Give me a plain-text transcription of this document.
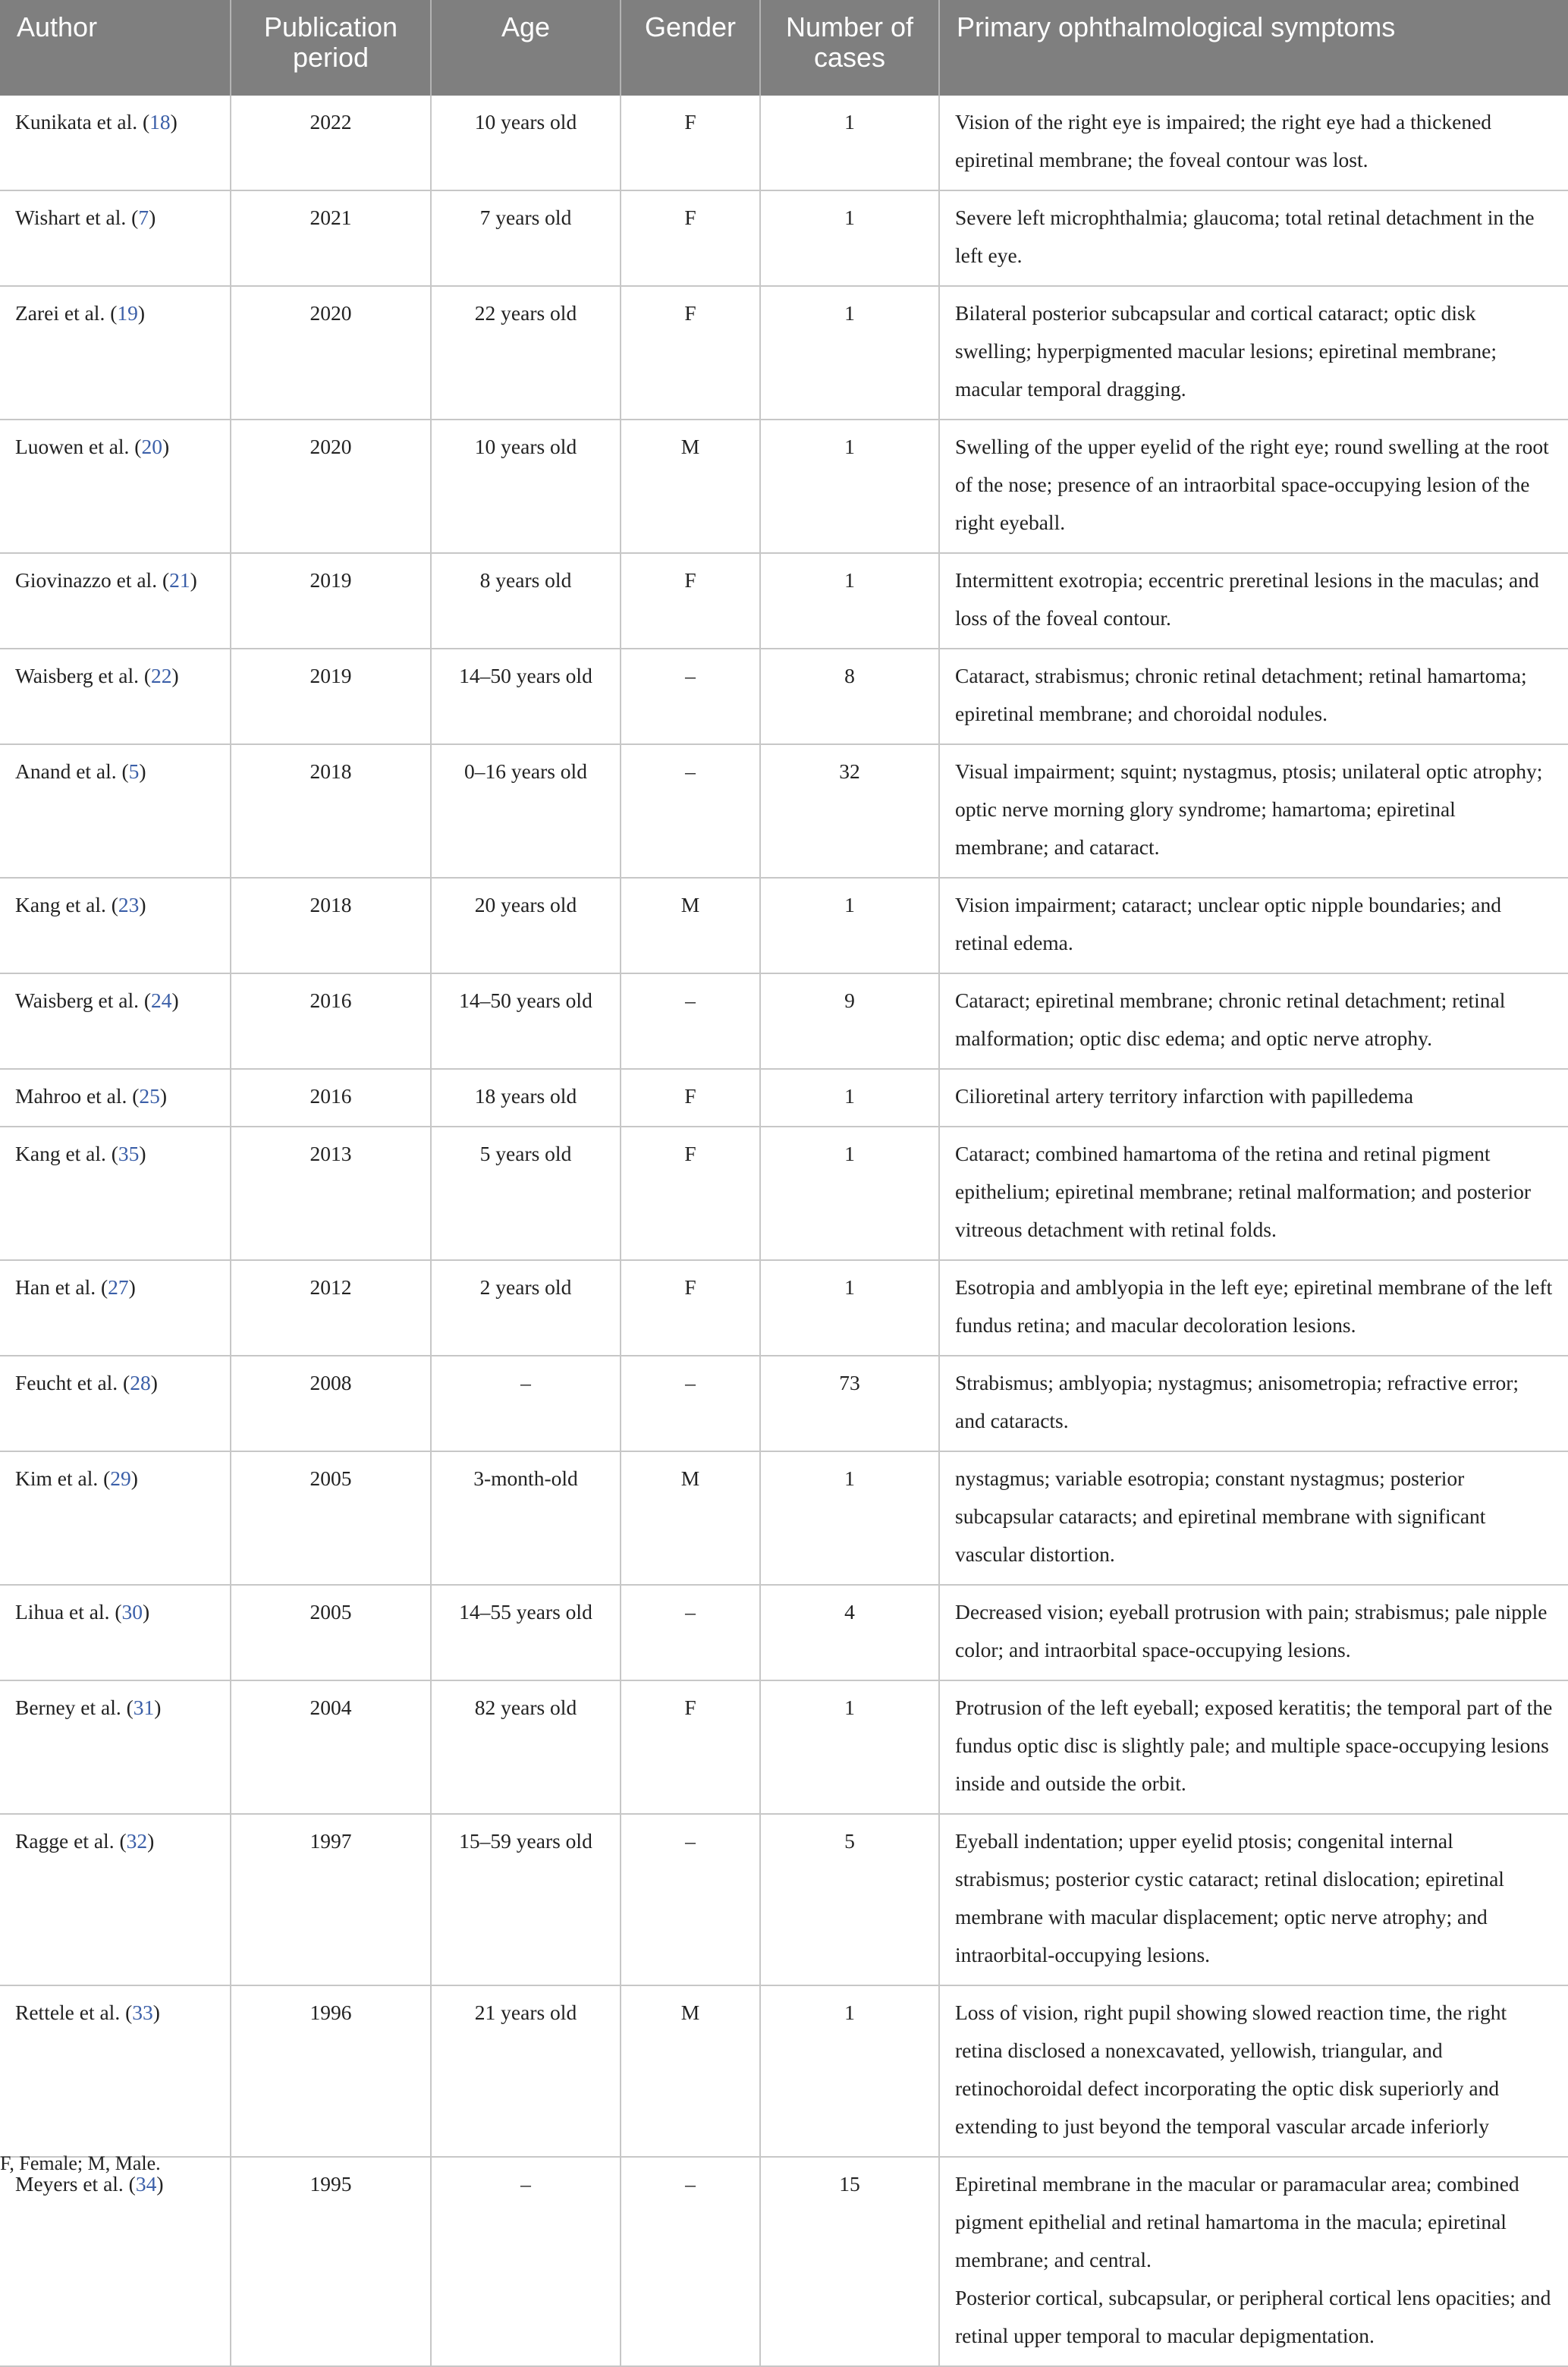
Author	Publication period	Age	Gender	Number of cases	Primary ophthalmological symptoms
Kunikata et al. (18)	2022	10 years old	F	1	Vision of the right eye is impaired; the right eye had a thickened epiretinal membrane; the foveal contour was lost.

Wishart et al. (7)	2021	7 years old	F	1	Severe left microphthalmia; glaucoma; total retinal detachment in the left eye.

Zarei et al. (19)	2020	22 years old	F	1	Bilateral posterior subcapsular and cortical cataract; optic disk swelling; hyperpigmented macular lesions; epiretinal membrane; macular temporal dragging.

Luowen et al. (20)	2020	10 years old	M	1	Swelling of the upper eyelid of the right eye; round swelling at the root of the nose; presence of an intraorbital space-occupying lesion of the right eyeball.

Giovinazzo et al. (21)	2019	8 years old	F	1	Intermittent exotropia; eccentric preretinal lesions in the maculas; and loss of the foveal contour.

Waisberg et al. (22)	2019	14–50 years old	–	8	Cataract, strabismus; chronic retinal detachment; retinal hamartoma; epiretinal membrane; and choroidal nodules.

Anand et al. (5)	2018	0–16 years old	–	32	Visual impairment; squint; nystagmus, ptosis; unilateral optic atrophy; optic nerve morning glory syndrome; hamartoma; epiretinal membrane; and cataract.

Kang et al. (23)	2018	20 years old	M	1	Vision impairment; cataract; unclear optic nipple boundaries; and retinal edema.

Waisberg et al. (24)	2016	14–50 years old	–	9	Cataract; epiretinal membrane; chronic retinal detachment; retinal malformation; optic disc edema; and optic nerve atrophy.

Mahroo et al. (25)	2016	18 years old	F	1	Cilioretinal artery territory infarction with papilledema

Kang et al. (35)	2013	5 years old	F	1	Cataract; combined hamartoma of the retina and retinal pigment epithelium; epiretinal membrane; retinal malformation; and posterior vitreous detachment with retinal folds.

Han et al. (27)	2012	2 years old	F	1	Esotropia and amblyopia in the left eye; epiretinal membrane of the left fundus retina; and macular decoloration lesions.

Feucht et al. (28)	2008	–	–	73	Strabismus; amblyopia; nystagmus; anisometropia; refractive error; and cataracts.

Kim et al. (29)	2005	3-month-old	M	1	nystagmus; variable esotropia; constant nystagmus; posterior subcapsular cataracts; and epiretinal membrane with significant vascular distortion.

Lihua et al. (30)	2005	14–55 years old	–	4	Decreased vision; eyeball protrusion with pain; strabismus; pale nipple color; and intraorbital space-occupying lesions.

Berney et al. (31)	2004	82 years old	F	1	Protrusion of the left eyeball; exposed keratitis; the temporal part of the fundus optic disc is slightly pale; and multiple space-occupying lesions inside and outside the orbit.

Ragge et al. (32)	1997	15–59 years old	–	5	Eyeball indentation; upper eyelid ptosis; congenital internal strabismus; posterior cystic cataract; retinal dislocation; epiretinal membrane with macular displacement; optic nerve atrophy; and intraorbital-occupying lesions.

Rettele et al. (33)	1996	21 years old	M	1	Loss of vision, right pupil showing slowed reaction time, the right retina disclosed a nonexcavated, yellowish, triangular, and retinochoroidal defect incorporating the optic disk superiorly and extending to just beyond the temporal vascular arcade inferiorly

Meyers et al. (34)	1995	–	–	15	Epiretinal membrane in the macular or paramacular area; combined pigment epithelial and retinal hamartoma in the macula; epiretinal membrane; and central.
Posterior cortical, subcapsular, or peripheral cortical lens opacities; and retinal upper temporal to macular depigmentation.
F, Female; M, Male.
